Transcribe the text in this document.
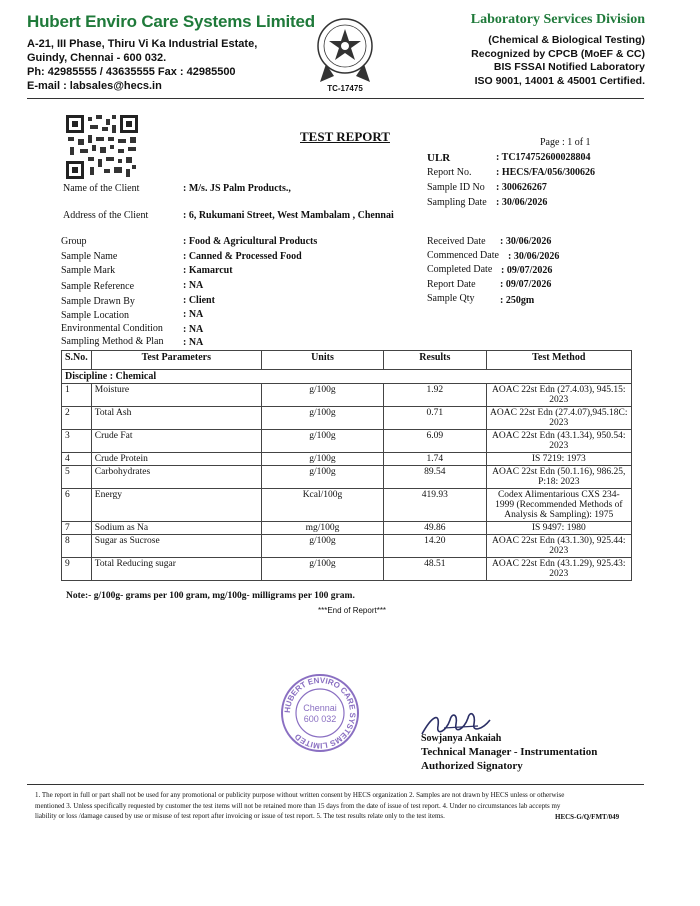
Hubert Enviro Care Systems Limited
A-21, III Phase, Thiru Vi Ka Industrial Estate,
Guindy, Chennai - 600 032.
Ph: 42985555 / 43635555 Fax : 42985500
E-mail : labsales@hecs.in	TC-17475
Laboratory Services Division
(Chemical & Biological Testing)
Recognized by CPCB (MoEF & CC)
BIS FSSAI Notified Laboratory
ISO 9001, 14001 & 45001 Certified.
TEST REPORT	Page : 1 of 1
ULR	: TC174752600028804
Report No. : HECS/FA/056/300626
Sample ID No : 300626267
Sampling Date : 30/06/2026
Name of the Client	: M/s. JS Palm Products.,
Address of the Client	: 6, Rukumani Street, West Mambalam , Chennai
Group	: Food & Agricultural Products
Sample Name	: Canned & Processed Food
Sample Mark	: Kamarcut
Sample Reference	: NA
Sample Drawn By	: Client
Sample Location	: NA
Environmental Condition : NA
Sampling Method & Plan : NA
Received Date : 30/06/2026
Commenced Date : 30/06/2026
Completed Date : 09/07/2026
Report Date : 09/07/2026
Sample Qty	: 250gm
S.No.	Test Parameters	Units	Results	Test Method
Discipline : Chemical				
1	Moisture	g/100g	1.92	AOAC 22st Edn (27.4.03), 945.15: 2023
2	Total Ash	g/100g	0.71	AOAC 22st Edn (27.4.07),945.18C: 2023
3	Crude Fat	g/100g	6.09	AOAC 22st Edn (43.1.34), 950.54: 2023
4	Crude Protein	g/100g	1.74	IS 7219: 1973
5	Carbohydrates	g/100g	89.54	AOAC 22st Edn (50.1.16), 986.25, P:18: 2023
6	Energy	Kcal/100g	419.93	Codex Alimentarious CXS 234-1999 (Recommended Methods of Analysis & Sampling): 1975
7	Sodium as Na	mg/100g	49.86	IS 9497: 1980
8	Sugar as Sucrose	g/100g	14.20	AOAC 22st Edn (43.1.30), 925.44: 2023
9	Total Reducing sugar	g/100g	48.51	AOAC 22st Edn (43.1.29), 925.43: 2023
Note:- g/100g- grams per 100 gram, mg/100g- milligrams per 100 gram.
***End of Report***
HUBERT ENVIRO CARE SYSTEMS LIMITED
Chennai
600 032
Sowjanya Ankaiah
Technical Manager - Instrumentation
Authorized Signatory
1. The report in full or part shall not be used for any promotional or publicity purpose without written consent by HECS organization 2. Samples are not drawn by HECS unless or otherwise
mentioned 3. Unless specifically requested by customer the test items will not be retained more than 15 days from the date of issue of test report. 4. Under no circumstances lab accepts my
liability or loss /damage caused by use or misuse of test report after invoicing or issue of test report. 5. The test results relate only to the test items.	HECS-G/Q/FMT/049
